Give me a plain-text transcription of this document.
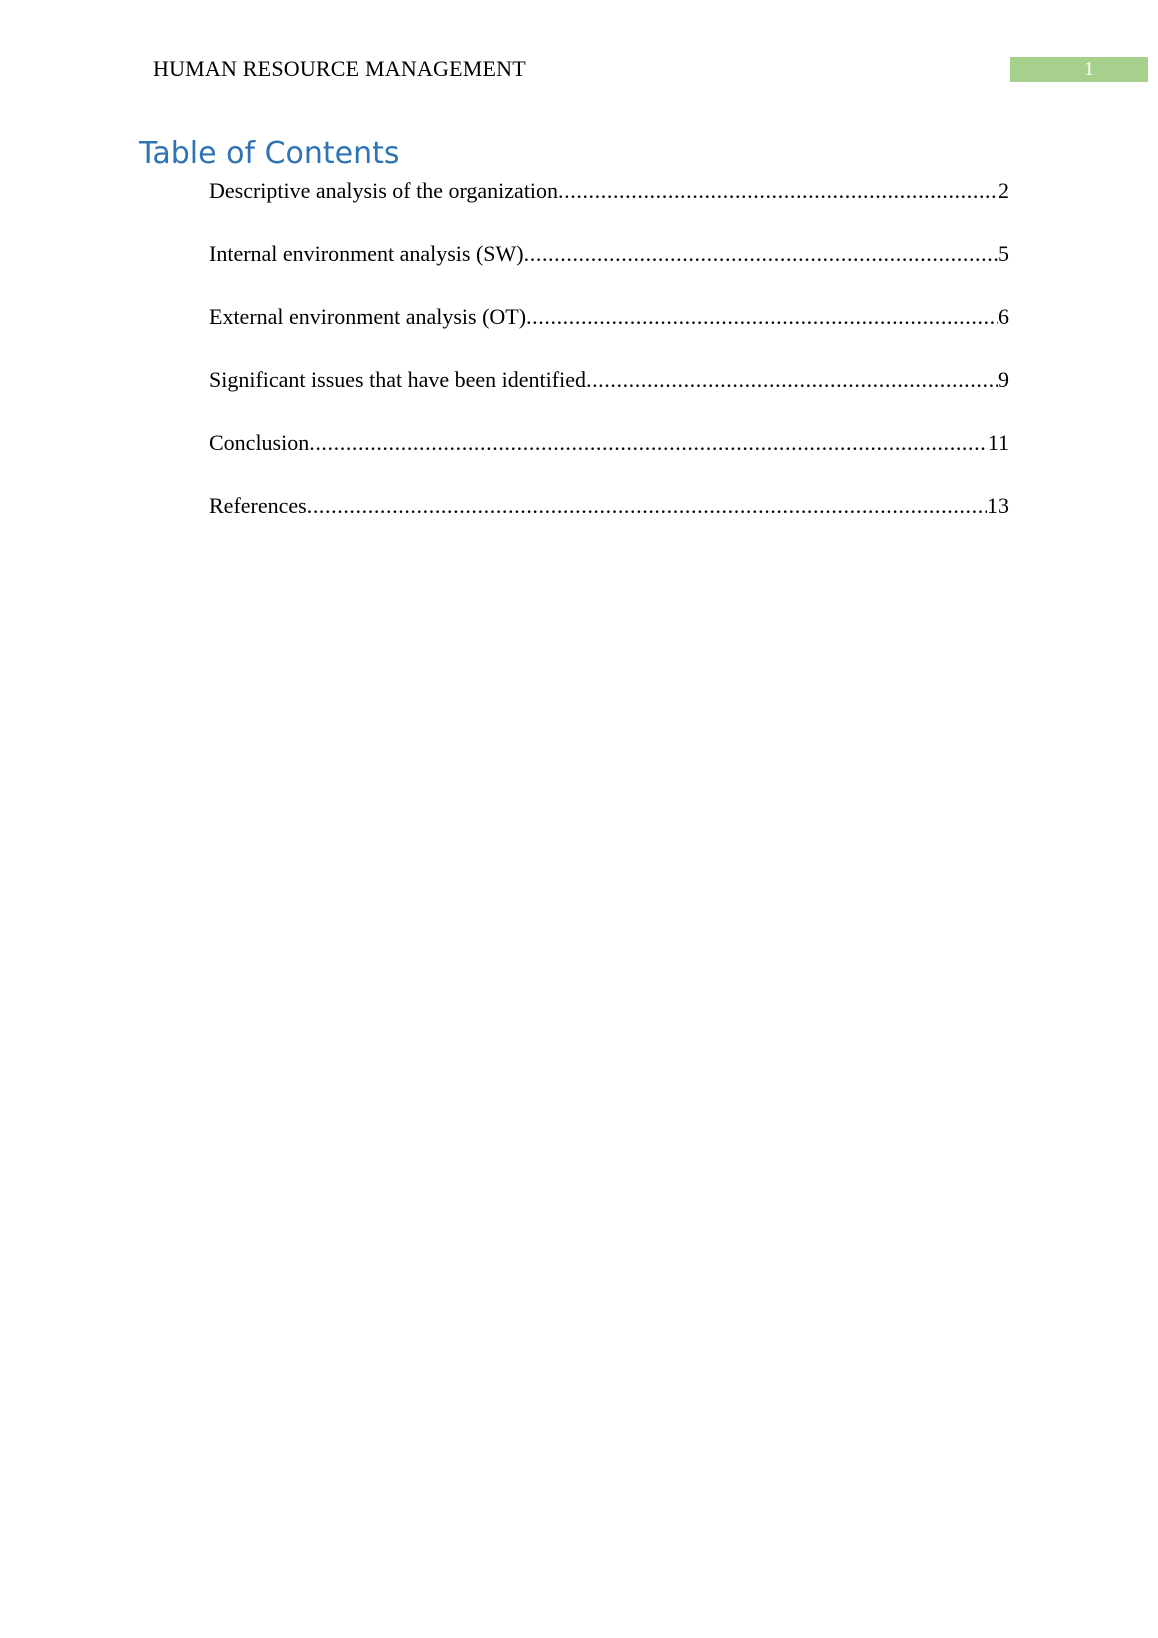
HUMAN RESOURCE MANAGEMENT	1
Table of Contents
Descriptive analysis of the organization .....	2
Internal environment analysis (SW) .....	5
External environment analysis (OT) .....	6
Significant issues that have been identified .....	9
Conclusion .....	11
References .....	13
